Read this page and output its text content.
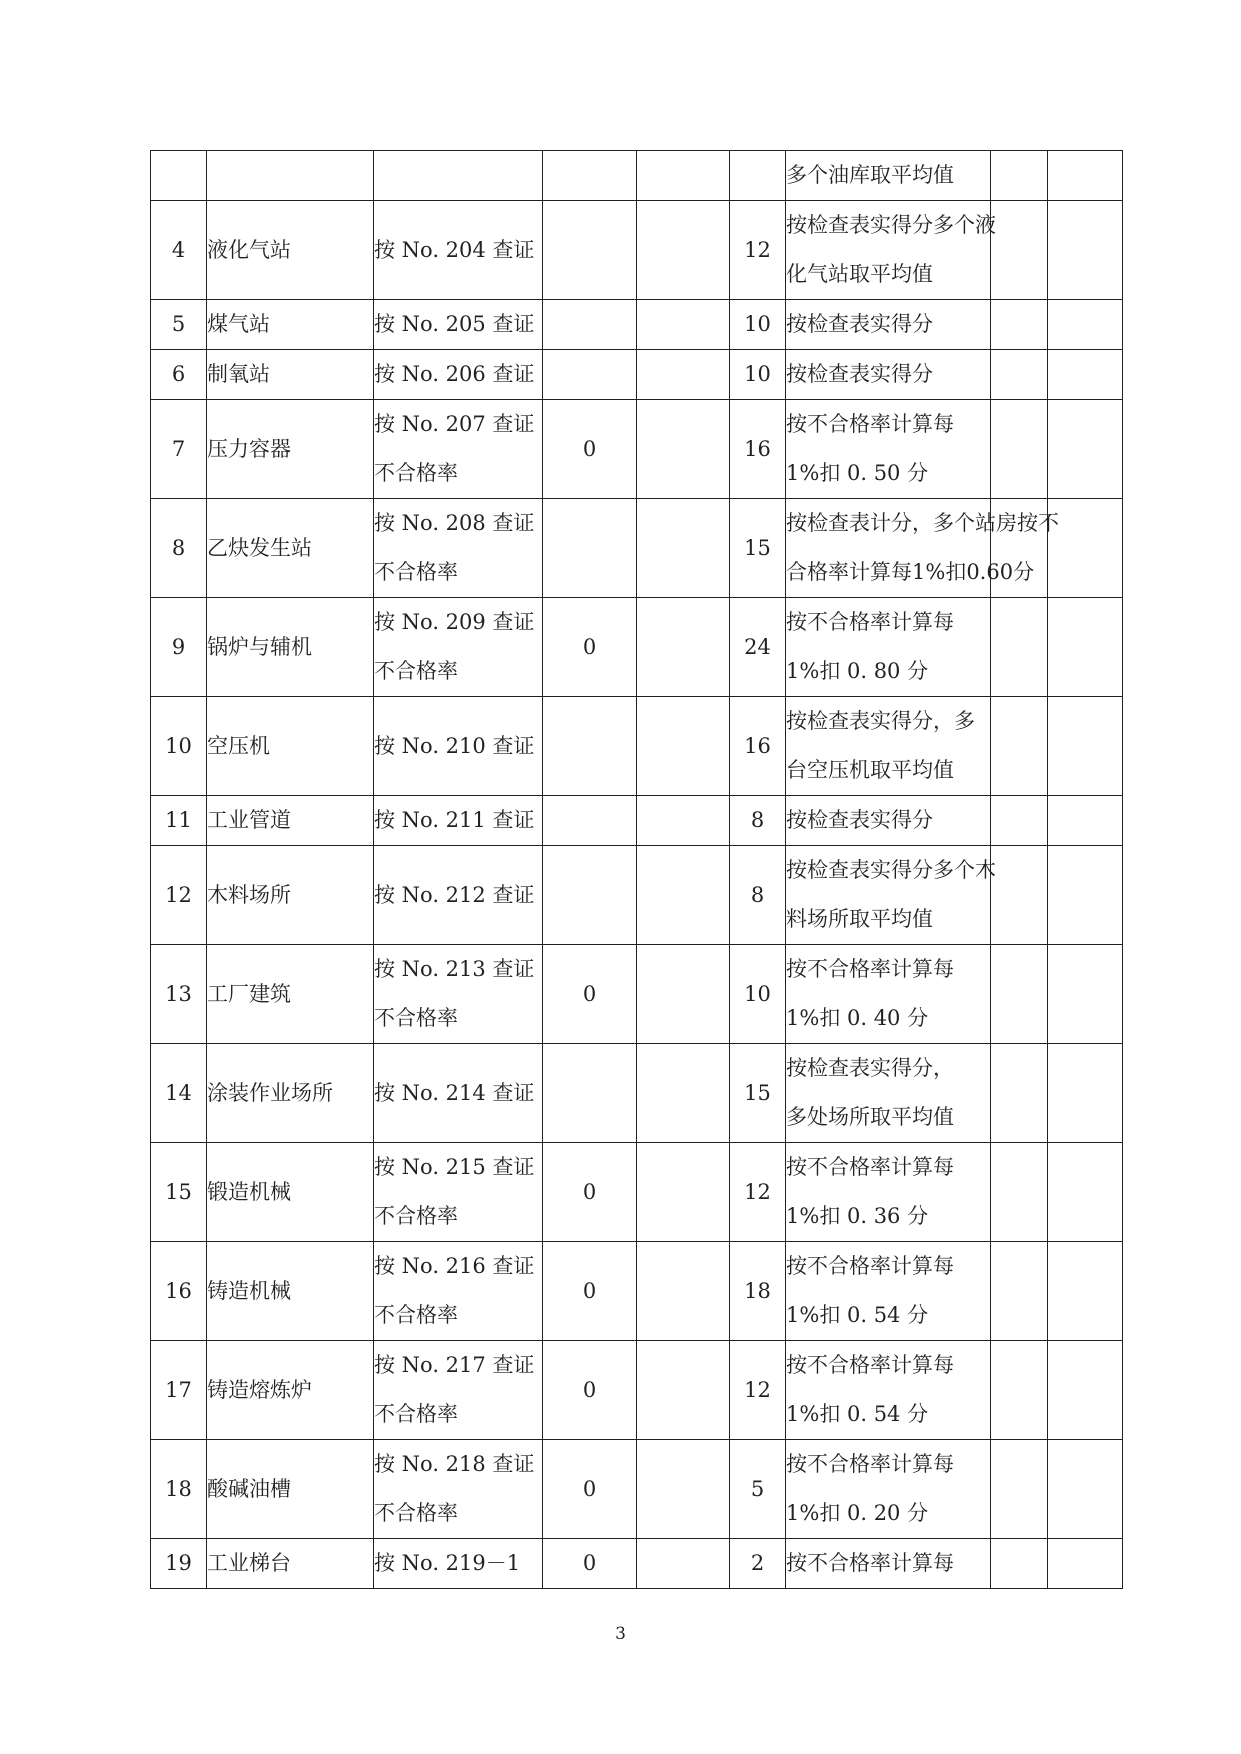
						多个油库取平均值		

4	液化气站	按 No. 204 查证			12	按检查表实得分多个液
化气站取平均值		

5	煤气站	按 No. 205 查证			10	按检查表实得分		

6	制氧站	按 No. 206 查证			10	按检查表实得分		

7	压力容器	按 No. 207 查证
不合格率	0		16	按不合格率计算每
1%扣 0. 50 分		

8	乙炔发生站	按 No. 208 查证
不合格率			15	按检查表计分，多个站房按不
合格率计算每1%扣0.60分		

9	锅炉与辅机	按 No. 209 查证
不合格率	0		24	按不合格率计算每
1%扣 0. 80 分		

10	空压机	按 No. 210 查证			16	按检查表实得分，多
台空压机取平均值		

11	工业管道	按 No. 211 查证			8	按检查表实得分		

12	木料场所	按 No. 212 查证			8	按检查表实得分多个木
料场所取平均值		

13	工厂建筑	按 No. 213 查证
不合格率	0		10	按不合格率计算每
1%扣 0. 40 分		

14	涂装作业场所	按 No. 214 查证			15	按检查表实得分，
多处场所取平均值		

15	锻造机械	按 No. 215 查证
不合格率	0		12	按不合格率计算每
1%扣 0. 36 分		

16	铸造机械	按 No. 216 查证
不合格率	0		18	按不合格率计算每
1%扣 0. 54 分		

17	铸造熔炼炉	按 No. 217 查证
不合格率	0		12	按不合格率计算每
1%扣 0. 54 分		

18	酸碱油槽	按 No. 218 查证
不合格率	0		5	按不合格率计算每
1%扣 0. 20 分		

19	工业梯台	按 No. 219－1	0		2	按不合格率计算每		

3
